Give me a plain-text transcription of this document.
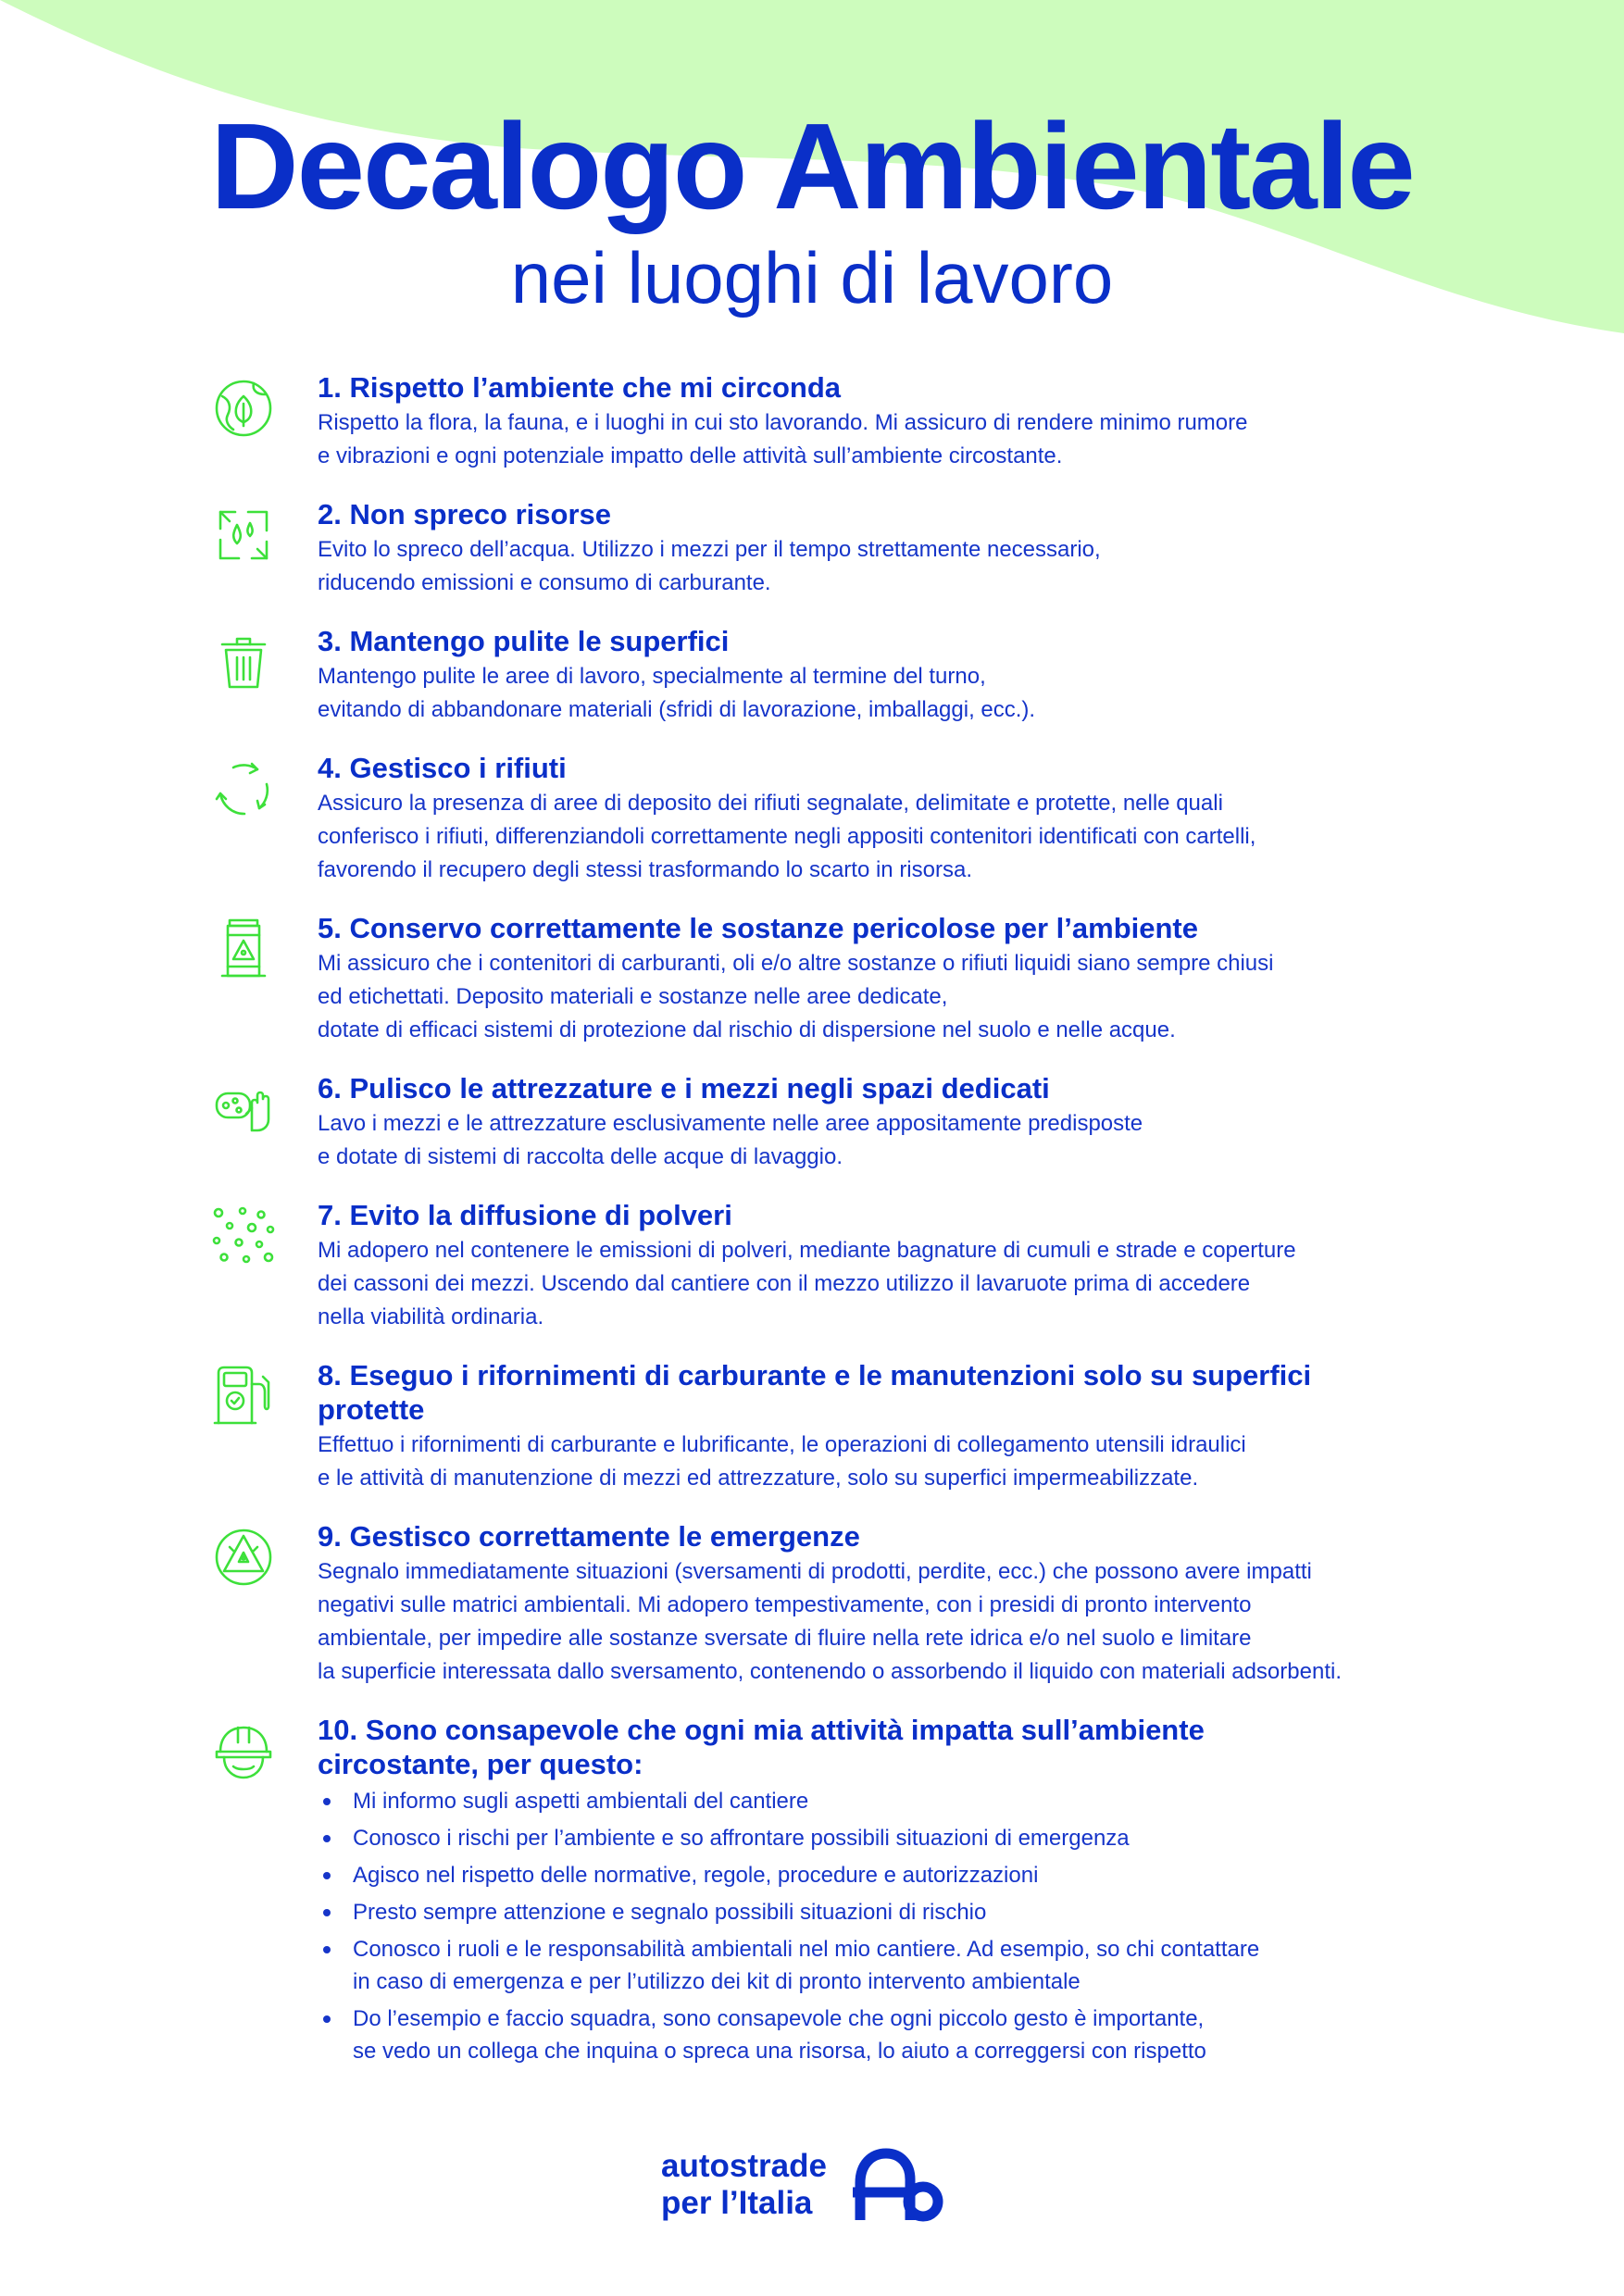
Decalogo Ambientale

nei luoghi di lavoro

1. Rispetto l’ambiente che mi circonda

Rispetto la flora, la fauna, e i luoghi in cui sto lavorando. Mi assicuro di rendere minimo rumore
e vibrazioni e ogni potenziale impatto delle attività sull’ambiente circostante.

2. Non spreco risorse

Evito lo spreco dell’acqua. Utilizzo i mezzi per il tempo strettamente necessario,
riducendo emissioni e consumo di carburante.

3. Mantengo pulite le superfici

Mantengo pulite le aree di lavoro, specialmente al termine del turno,
evitando di abbandonare materiali (sfridi di lavorazione, imballaggi, ecc.).

4. Gestisco i rifiuti

Assicuro la presenza di aree di deposito dei rifiuti segnalate, delimitate e protette, nelle quali
conferisco i rifiuti, differenziandoli correttamente negli appositi contenitori identificati con cartelli,
favorendo il recupero degli stessi trasformando lo scarto in risorsa.

5. Conservo correttamente le sostanze pericolose per l’ambiente

Mi assicuro che i contenitori di carburanti, oli e/o altre sostanze o rifiuti liquidi siano sempre chiusi
ed etichettati. Deposito materiali e sostanze nelle aree dedicate,
dotate di efficaci sistemi di protezione dal rischio di dispersione nel suolo e nelle acque.

6. Pulisco le attrezzature e i mezzi negli spazi dedicati

Lavo i mezzi e le attrezzature esclusivamente nelle aree appositamente predisposte
e dotate di sistemi di raccolta delle acque di lavaggio.

7. Evito la diffusione di polveri

Mi adopero nel contenere le emissioni di polveri, mediante bagnature di cumuli e strade e coperture
dei cassoni dei mezzi. Uscendo dal cantiere con il mezzo utilizzo il lavaruote prima di accedere
nella viabilità ordinaria.

8. Eseguo i rifornimenti di carburante e le manutenzioni solo su superfici
protette

Effettuo i rifornimenti di carburante e lubrificante, le operazioni di collegamento utensili idraulici
e le attività di manutenzione di mezzi ed attrezzature, solo su superfici impermeabilizzate.

9. Gestisco correttamente le emergenze

Segnalo immediatamente situazioni (sversamenti di prodotti, perdite, ecc.) che possono avere impatti
negativi sulle matrici ambientali. Mi adopero tempestivamente, con i presidi di pronto intervento
ambientale, per impedire alle sostanze sversate di fluire nella rete idrica e/o nel suolo e limitare
la superficie interessata dallo sversamento, contenendo o assorbendo il liquido con materiali adsorbenti.

10. Sono consapevole che ogni mia attività impatta sull’ambiente
circostante, per questo:

Mi informo sugli aspetti ambientali del cantiere
Conosco i rischi per l’ambiente e so affrontare possibili situazioni di emergenza
Agisco nel rispetto delle normative, regole, procedure e autorizzazioni
Presto sempre attenzione e segnalo possibili situazioni di rischio
Conosco i ruoli e le responsabilità ambientali nel mio cantiere. Ad esempio, so chi contattare
in caso di emergenza e per l’utilizzo dei kit di pronto intervento ambientale
Do l’esempio e faccio squadra, sono consapevole che ogni piccolo gesto è importante,
se vedo un collega che inquina o spreca una risorsa, lo aiuto a correggersi con rispetto
autostrade
per l’Italia
